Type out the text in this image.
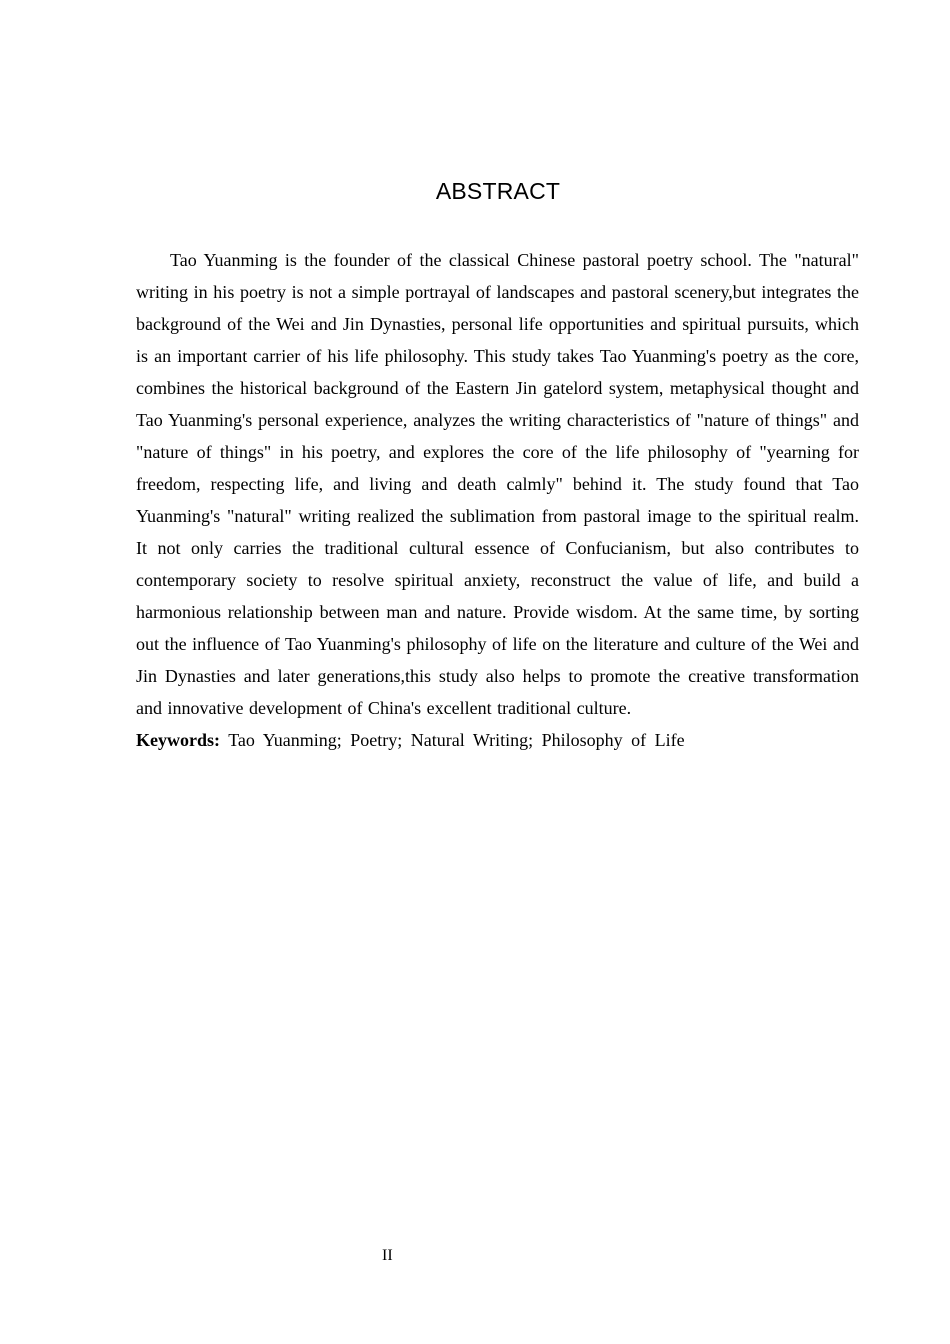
ABSTRACT

Tao Yuanming is the founder of the classical Chinese pastoral poetry school. The "natural" writing in his poetry is not a simple portrayal of landscapes and pastoral scenery,but integrates the background of the Wei and Jin Dynasties, personal life opportunities and spiritual pursuits, which is an important carrier of his life philosophy. This study takes Tao Yuanming's poetry as the core, combines the historical background of the Eastern Jin gatelord system, metaphysical thought and Tao Yuanming's personal experience, analyzes the writing characteristics of "nature of things" and "nature of things" in his poetry, and explores the core of the life philosophy of "yearning for freedom, respecting life, and living and death calmly" behind it. The study found that Tao Yuanming's "natural" writing realized the sublimation from pastoral image to the spiritual realm. It not only carries the traditional cultural essence of Confucianism, but also contributes to contemporary society to resolve spiritual anxiety, reconstruct the value of life, and build a harmonious relationship between man and nature. Provide wisdom. At the same time, by sorting out the influence of Tao Yuanming's philosophy of life on the literature and culture of the Wei and Jin Dynasties and later generations,this study also helps to promote the creative transformation and innovative development of China's excellent traditional culture.

Keywords: Tao Yuanming; Poetry; Natural Writing; Philosophy of Life

II
